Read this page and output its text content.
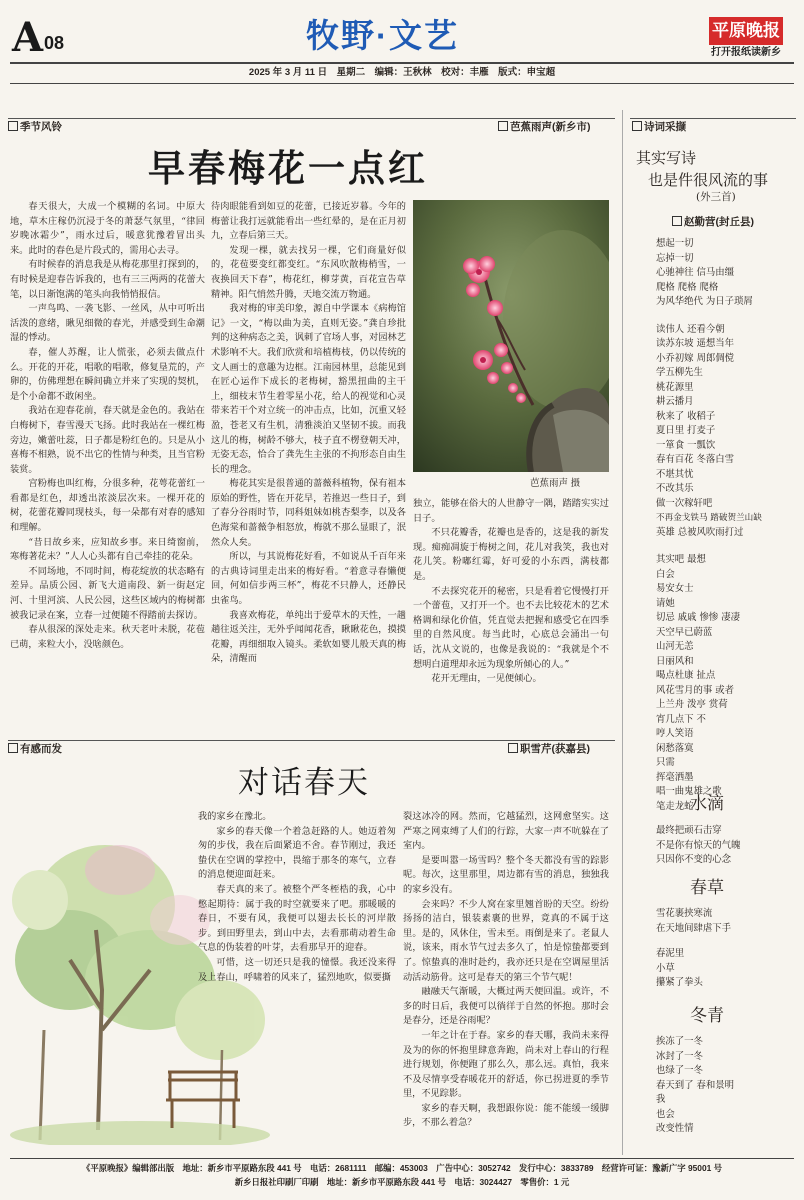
A 08	牧野·文艺	平原晚报
打开报纸读新乡
2025 年 3 月 11 日　星期二　编辑：王秋林　校对：丰雁　版式：申宝超
季节风铃	芭蕉雨声(新乡市)
早春梅花一点红

春天很大，大成一个模糊的名词。中原大地，草木庄稼仍沉浸于冬的萧瑟气氛里，“律回岁晚冰霜少”，雨水过后，暖意犹豫着冒出头来。此时的春色是片段式的，需用心去寻。

有时候春的消息我是从梅花那里打探到的，有时候是迎春告诉我的，也有三三两两的花蕾大笔，以日渐饱满的笔头向我悄悄报信。

一声鸟鸣、一袭飞影、一丝风，从中可听出活泼的意绪，瞅见细微的春光，并感受到生命潮湿的悸动。

春，催人苏醒，让人慌张，必须去做点什么。开花的开花，唱歌的唱歌，修复垦荒的，产卵的，仿佛理想在瞬间确立并来了实现的契机，是个小命都不敢闲坐。

我站在迎春花前，春天就是金色的。我站在白梅树下，春雪漫天飞扬。此时我站在一棵红梅旁边，嫩蕾吐蕊，日子都是粉红色的。只是从小喜梅不相熟，说不出它的性情与种类，且当官粉装赏。

宫粉梅也叫红梅，分很多种，花萼花蕾红一看都是红色，却透出浓淡层次来。一棵开花的树，花蕾花瓣同现枝头，每一朵都有对春的感知和理解。

“昔日故乡来，应知故乡事。来日绮窗前，寒梅著花未？”人人心头都有自己牵挂的花朵。

不同场地，不同时间，梅花绽放的状态略有差异。品质公园、新飞大道南段、新一街赵定河、十里河滨、人民公园，这些区域内的梅树都被我记录在案，立春一过便随不得踏前去探访。

春从很深的深处走来。秋天老叶未脱，花苞已萌，来粒大小，没啥颜色。

待肉眼能看到如豆的花蕾，已接近岁暮。今年的梅蕾让我打远就能看出一些红晕的，是在正月初九，立春后第三天。

发现一棵，就去找另一棵，它们商量好似的，花苞要变红都变红。“东风吹散梅梢雪，一夜换回天下春”，梅花红，柳芽黄，百花宣告草精神。阳气悄然升腾，天地交流万物通。

我对梅的审美印象，源自中学课本《病梅馆记》一文，“梅以曲为美，直则无姿。”龚自珍批判的这种病态之美，讽刺了官场人事，对园林艺术影响不大。我们欣赏和培植梅枝，仍以传统的文人画士的意趣为边框。江南园林里，总能见到在匠心运作下成长的老梅树，豁黑扭曲的主干上，细枝末节生着零星小花，给人的视觉和心灵带来若干个对立统一的冲击点，比如，沉重又轻盈，苍老又有生机，清雅淡泊又坚韧不拔。而我这儿的梅，树龄不够大，枝子直不楞登朝天冲，无姿无态，恰合了龚先生主张的不拘形态自由生长的理念。

梅花其实是很普通的蔷薇科植物，保有祖本原始的野性，皆在开花早，若推迟一些日子，到了春分谷雨时节，同科姐妹如桃杏梨李，以及各色海棠和蔷薇争相怒放，梅就不那么显眼了，泯然众人矣。

所以，与其说梅花好看，不如说从千百年来的古典诗词里走出来的梅好看。“着意寻春懒便回，何如信步两三杯”，梅花不只静人，还静民虫雀鸟。

我喜欢梅花，单纯出于爱草木的天性，一趟趟往返关注，无外乎闻闻花香，瞅瞅花色，摸摸花瓣，再细细取入镜头。柔软如婴儿般天真的梅朵，清醒而

芭蕉雨声 摄

独立，能够在俗大的人世静守一隅，踏踏实实过日子。

不只花瓣香，花瓣也是香的，这是我的新发现。痴痴凋旋于梅树之间，花儿对我笑，我也对花儿笑。粉嘟红霉，好可爱的小东西，满枝都是。

不去探究花开的秘密，只是看着它慢慢打开一个蕾苞，又打开一个。也不去比较花木的艺术格调和绿化价值，凭直觉去把握和感受它在四季里的自然风度。每当此时，心底总会涌出一句话，沈从文说的，也像是我说的：“我就是个不想明白道理却永远为现象所倾心的人。”

花开无理由，一见便倾心。

有感而发	职雪芹(获嘉县)
对话春天

我的家乡在豫北。

家乡的春天像一个着急赶路的人。她迈着匆匆的步伐，我在后面紧追不舍。春节刚过，我还蛰伏在空调的掌控中，畏缩于那冬的寒气，立春的消息便迎面赶来。

春天真的来了。被整个严冬桎梏的我，心中憋起期待：属于我的时空就要来了吧。那暖暖的春日，不要有风，我便可以翅去长长的河岸散步。到田野里去，到山中去，去看那萌动着生命气息的伪装着的叶芽，去看那早开的迎春。

可惜，这一切还只是我的憧憬。我还没来得及上春山，呼啸着的风来了，猛烈地吹，似要撕

裂这冰冷的网。然而，它越猛烈，这网愈坚实。这严寒之网束缚了人们的行踪，大家一声不吭躲在了室内。

是要叫嚣一场雪吗？整个冬天都没有雪的踪影呢。每次，这里那里，周边都有雪的消息，独独我的家乡没有。

会来吗？不少人窝在家里翘首盼的天空。纷纷扬扬的洁白，银装素裹的世界，竟真的不属于这里。是的，风休住，雪未至。雨倒是来了。老鼠人说，该来，雨水节气过去多久了，怕是惊蛰都要到了。惊蛰真的准时赴约，我亦还只是在空调屋里活动活动筋骨。这可是春天的第三个节气呢！

融融天气渐暖，大概过两天便回温。或许，不多的时日后，我便可以徜徉于自然的怀抱。那时会是春分，还是谷雨呢？

一年之计在于春。家乡的春天哪，我尚未来得及为的你的怀抱里肆意奔跑，尚未对上春山的行程进行规划，你便跑了那么久，那么远。真怕，我来不及尽情享受春暖花开的舒适，你已拐进夏的季节里，不见踪影。

家乡的春天啊，我想跟你说：能不能缓一缓脚步，不那么着急？

诗词采撷
其实写诗
也是件很风流的事
(外三首)
赵勤营(封丘县)
想起一切
忘掉一切
心驰神往 信马由缰
爬格 爬格 爬格
为风华绝代 为日子琐屑
读伟人 还看今朝
读苏东坡 遥想当年
小乔初嫁 周郎倜傥
学五柳先生
桃花源里
耕云播月
秋来了 收稻子
夏日里 打麦子
一箪食 一瓢饮
春有百花 冬落白雪
不堪其忧
不改其乐
做一次稼轩吧
不再金戈铁马 踏破贺兰山缺
英雄 总被风吹雨打过
其实吧 最想
白会
易安女士
请她
切忌 戚戚 惨惨 凄凄
天空早已蔚蓝
山河无恙
日丽风和
喝点杜康 扯点
风花雪月的事 或者
上兰舟 泼亭 赏荷
宵几点下 不
哼人笑语
闲愁落寞
只需
挥毫洒墨
唱一曲鬼雄之歌
笔走龙蛇
水滴
最终把顽石击穿
不是你有惊天的气魄
只因你不变的心念
春草
雪花裹挟寒流
在天地间肆虐下手
春泥里
小草
攥紧了拳头
冬青
挨冻了一冬
冰封了一冬
也绿了一冬
春天到了 春和景明
我
也会
改变性情
《平原晚报》编辑部出版　地址：新乡市平原路东段 441 号　电话：2681111　邮编：453003　广告中心：3052742　发行中心：3833789　经营许可证：豫新广字 95001 号
新乡日报社印刷厂印刷　地址：新乡市平原路东段 441 号　电话：3024427　零售价：1 元
